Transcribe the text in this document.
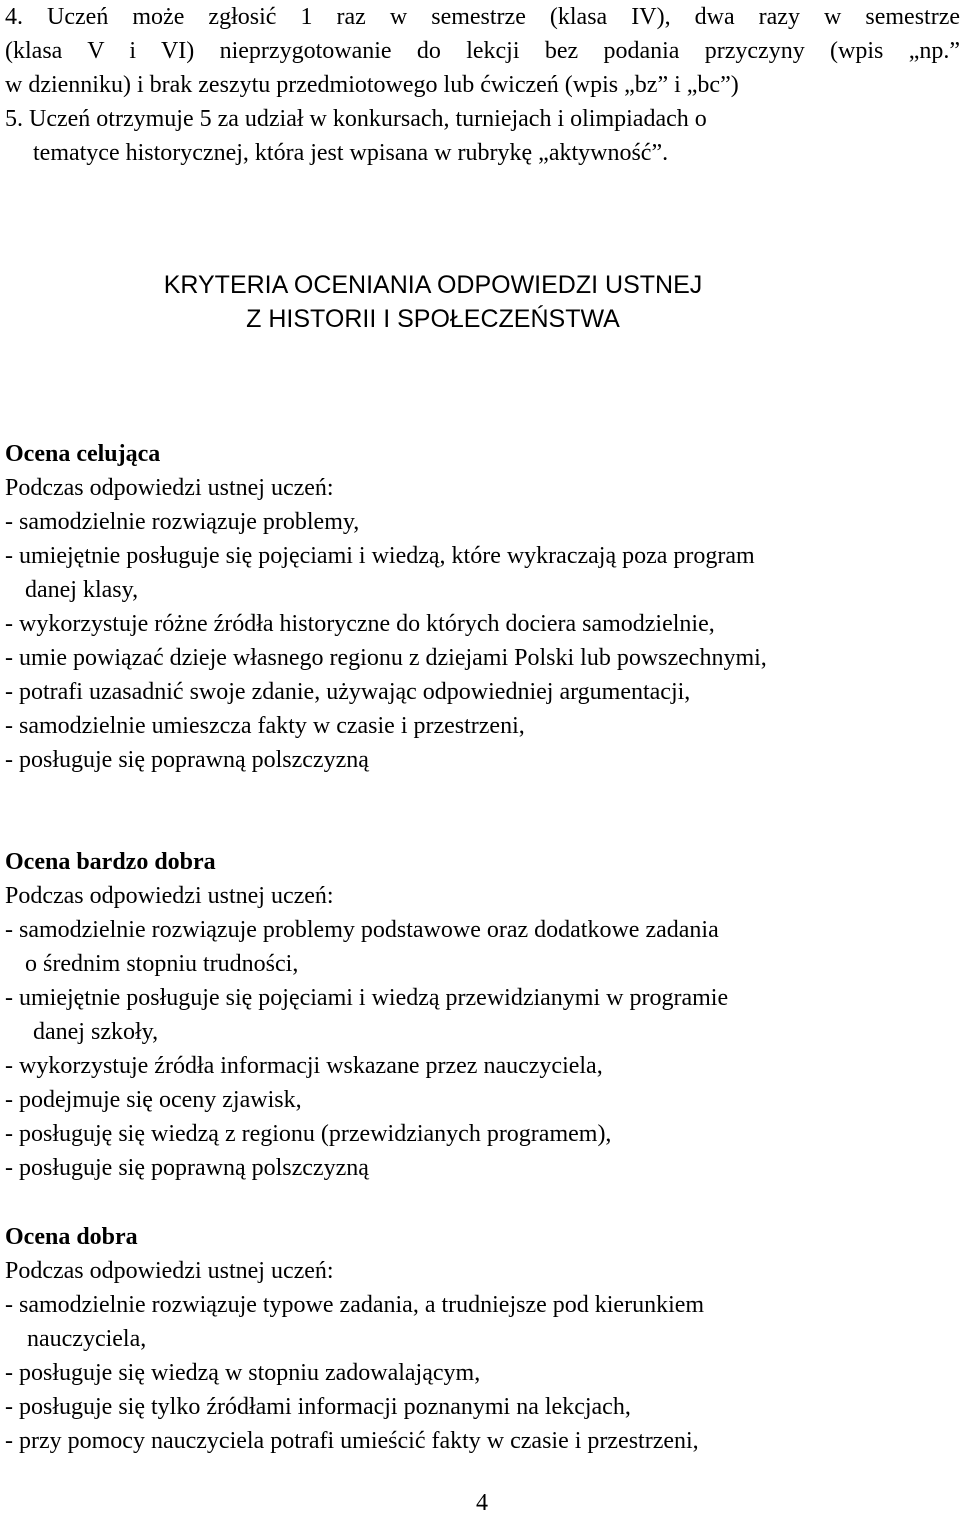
4. Uczeń może zgłosić 1 raz w semestrze (klasa IV), dwa razy w semestrze
(klasa V i VI) nieprzygotowanie do lekcji bez podania przyczyny (wpis „np.”
w dzienniku) i brak zeszytu przedmiotowego lub ćwiczeń (wpis „bz” i „bc”)
5. Uczeń otrzymuje 5 za udział w konkursach, turniejach i olimpiadach o
tematyce historycznej, która jest wpisana w rubrykę „aktywność”.
KRYTERIA OCENIANIA ODPOWIEDZI USTNEJ
Z HISTORII I SPOŁECZEŃSTWA
Ocena celująca
Podczas odpowiedzi ustnej uczeń:
- samodzielnie rozwiązuje problemy,
- umiejętnie posługuje się pojęciami i wiedzą, które wykraczają poza program
danej klasy,
- wykorzystuje różne źródła historyczne do których dociera samodzielnie,
- umie powiązać dzieje własnego regionu z dziejami Polski lub powszechnymi,
- potrafi uzasadnić swoje zdanie, używając odpowiedniej argumentacji,
- samodzielnie umieszcza fakty w czasie i przestrzeni,
- posługuje się poprawną polszczyzną
Ocena bardzo dobra
Podczas odpowiedzi ustnej uczeń:
- samodzielnie rozwiązuje problemy podstawowe oraz dodatkowe zadania
o średnim stopniu trudności,
- umiejętnie posługuje się pojęciami i wiedzą przewidzianymi w programie
danej szkoły,
- wykorzystuje źródła informacji wskazane przez nauczyciela,
- podejmuje się oceny zjawisk,
- posługuję się wiedzą z regionu (przewidzianych programem),
- posługuje się poprawną polszczyzną
Ocena dobra
Podczas odpowiedzi ustnej uczeń:
- samodzielnie rozwiązuje typowe zadania, a trudniejsze pod kierunkiem
nauczyciela,
- posługuje się wiedzą w stopniu zadowalającym,
- posługuje się tylko źródłami informacji poznanymi na lekcjach,
- przy pomocy nauczyciela potrafi umieścić fakty w czasie i przestrzeni,
4
